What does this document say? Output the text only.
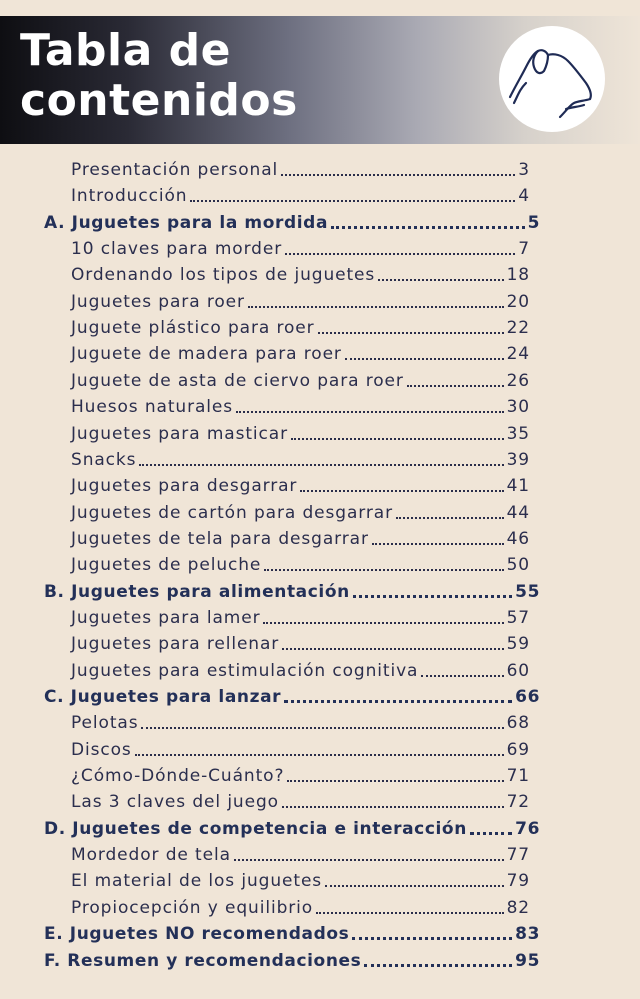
Tabla de
contenidos
Presentación personal	3
Introducción	4
A. Juguetes para la mordida	5
10 claves para morder	7
Ordenando los tipos de juguetes	18
Juguetes para roer	20
Juguete plástico para roer	22
Juguete de madera para roer	24
Juguete de asta de ciervo para roer	26
Huesos naturales	30
Juguetes para masticar	35
Snacks	39
Juguetes para desgarrar	41
Juguetes de cartón para desgarrar	44
Juguetes de tela para desgarrar	46
Juguetes de peluche	50
B. Juguetes para alimentación	55
Juguetes para lamer	57
Juguetes para rellenar	59
Juguetes para estimulación cognitiva	60
C. Juguetes para lanzar	66
Pelotas	68
Discos	69
¿Cómo-Dónde-Cuánto?	71
Las 3 claves del juego	72
D. Juguetes de competencia e interacción	76
Mordedor de tela	77
El material de los juguetes	79
Propiocepción y equilibrio	82
E. Juguetes NO recomendados	83
F. Resumen y recomendaciones	95
